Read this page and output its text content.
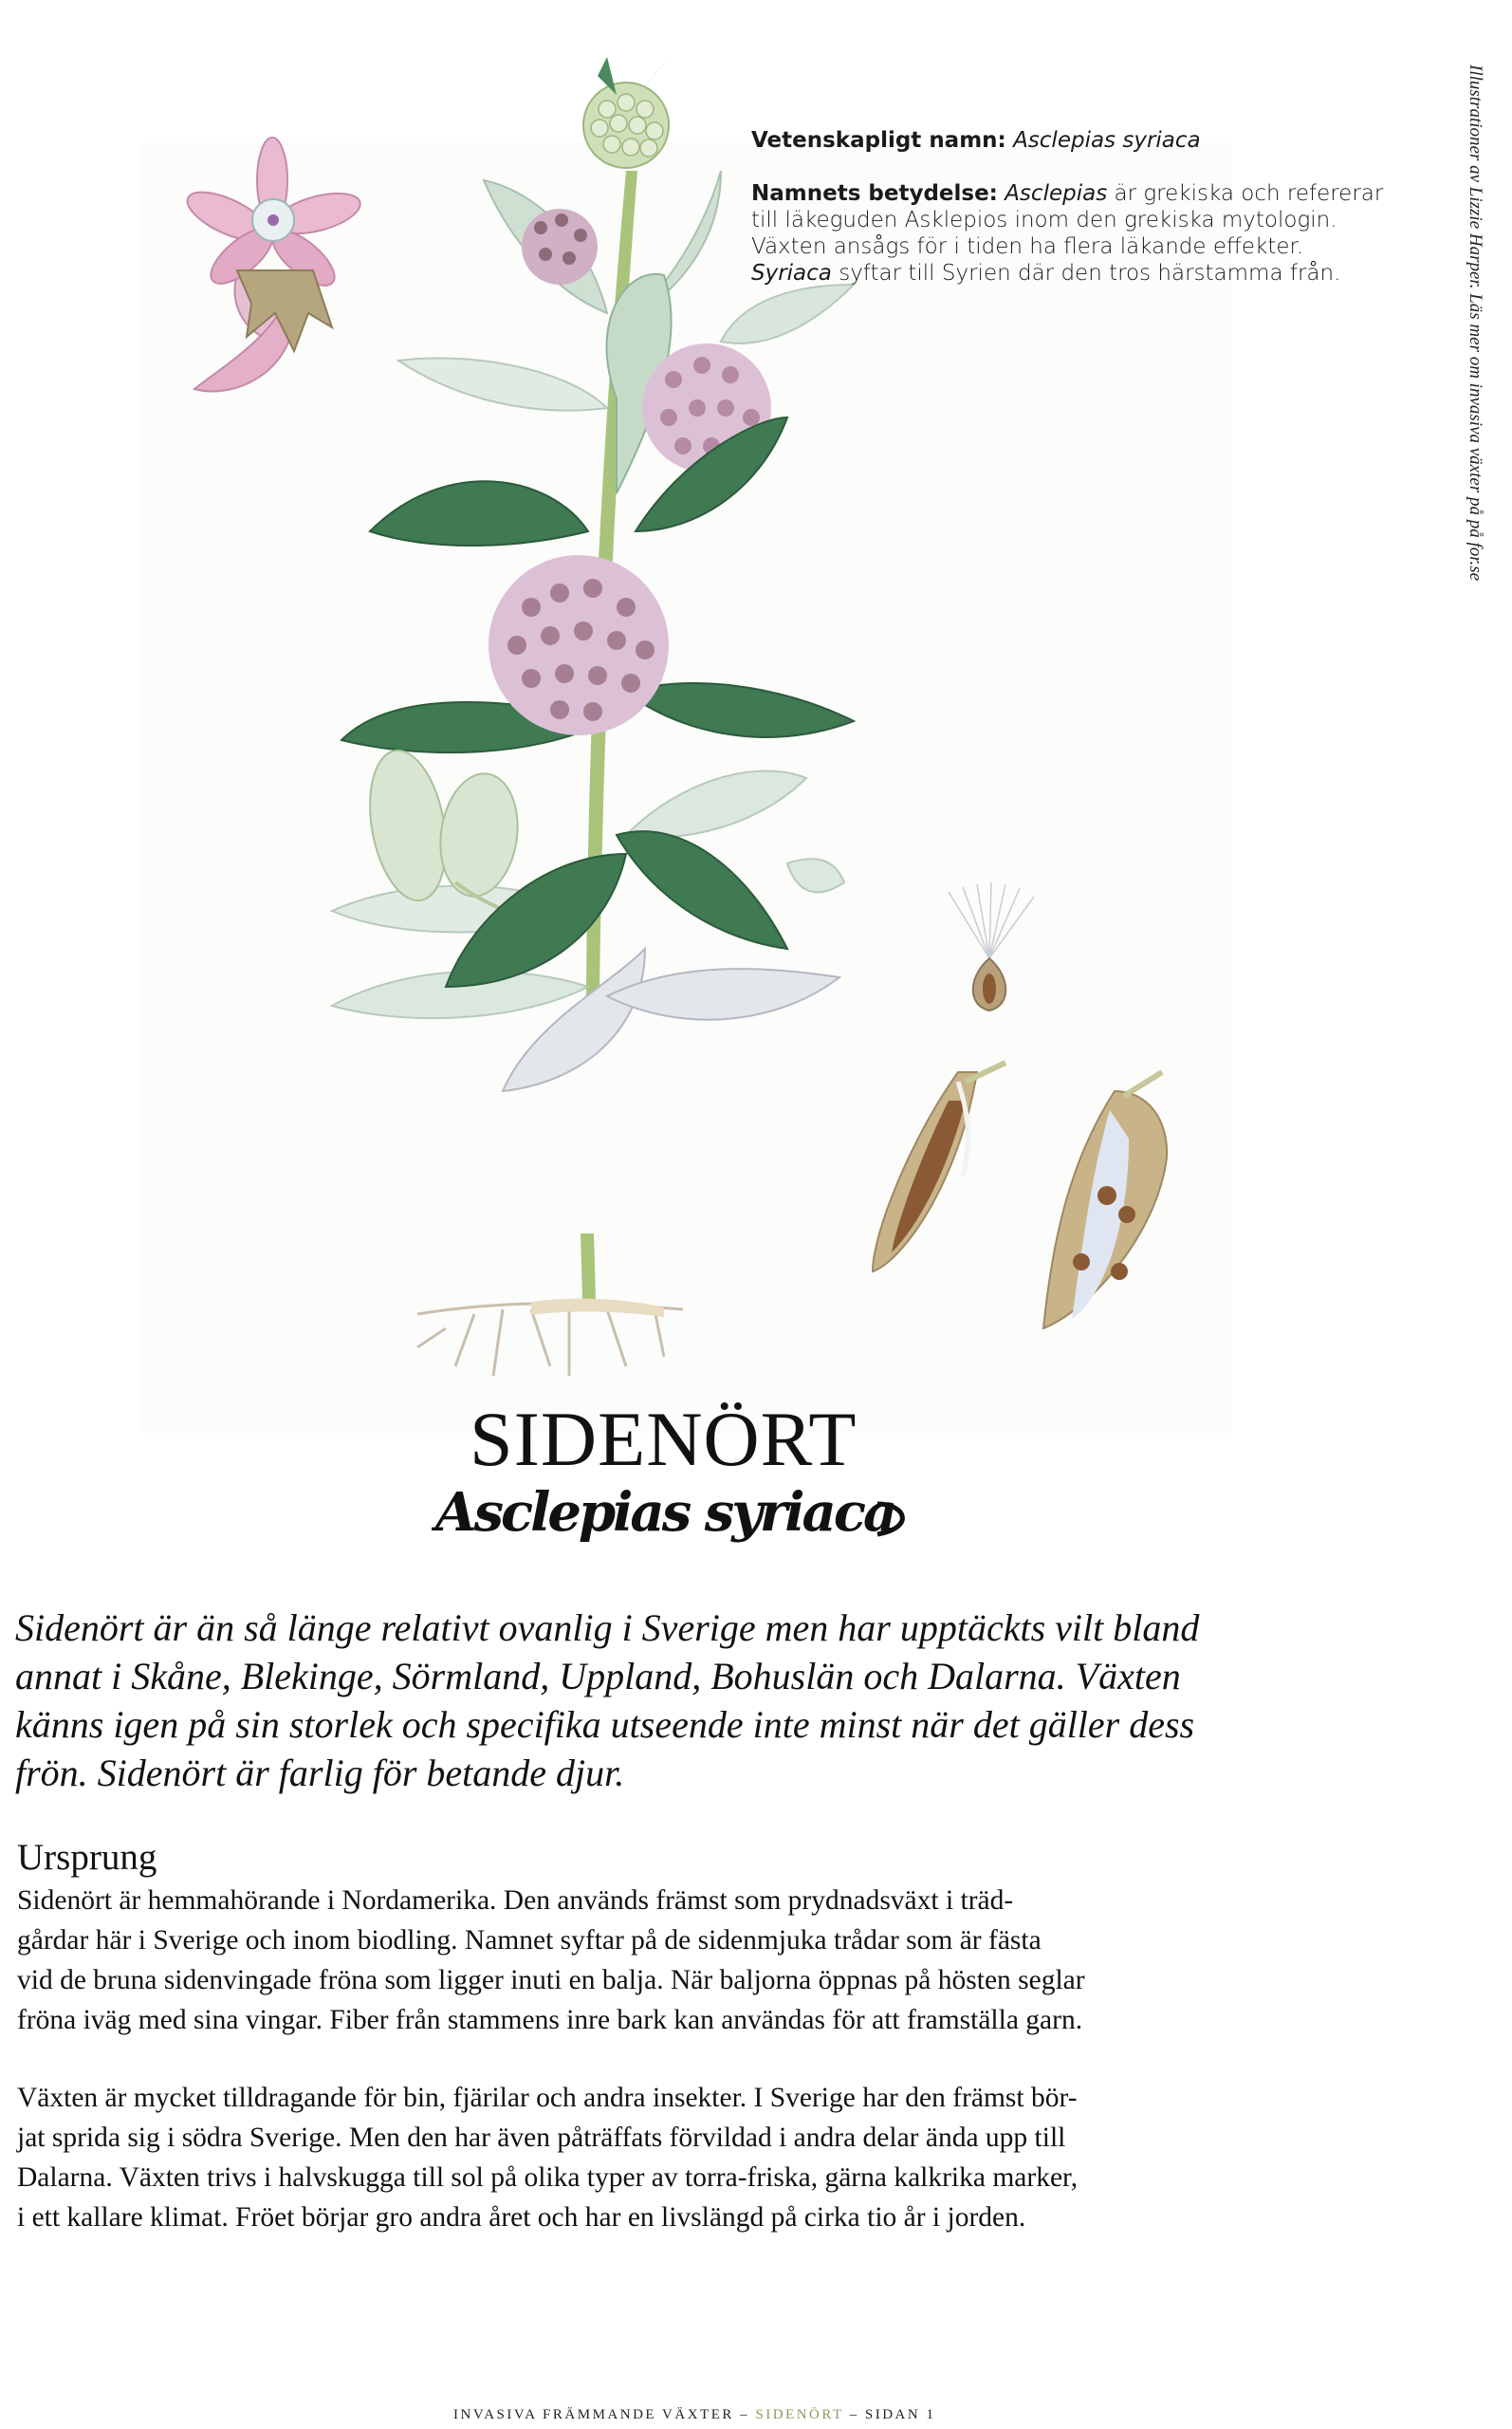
Vetenskapligt namn: Asclepias syriaca

Namnets betydelse: Asclepias är grekiska och refererar
till läkeguden Asklepios inom den grekiska mytologin.
Växten ansågs för i tiden ha flera läkande effekter.
Syriaca syftar till Syrien där den tros härstamma från.	Illustrationer av Lizzie Harper. Läs mer om invasiva växter på på for.se
SIDENÖRT
Asclepias syriaca

Sidenört är än så länge relativt ovanlig i Sverige men har upptäckts vilt bland
annat i Skåne, Blekinge, Sörmland, Uppland, Bohuslän och Dalarna. Växten
känns igen på sin storlek och specifika utseende inte minst när det gäller dess
frön. Sidenört är farlig för betande djur.

Ursprung

Sidenört är hemmahörande i Nordamerika. Den används främst som prydnadsväxt i träd-
gårdar här i Sverige och inom biodling. Namnet syftar på de sidenmjuka trådar som är fästa
vid de bruna sidenvingade fröna som ligger inuti en balja. När baljorna öppnas på hösten seglar
fröna iväg med sina vingar. Fiber från stammens inre bark kan användas för att framställa garn.

Växten är mycket tilldragande för bin, fjärilar och andra insekter. I Sverige har den främst bör-
jat sprida sig i södra Sverige. Men den har även påträffats förvildad i andra delar ända upp till
Dalarna. Växten trivs i halvskugga till sol på olika typer av torra-friska, gärna kalkrika marker,
i ett kallare klimat. Fröet börjar gro andra året och har en livslängd på cirka tio år i jorden.

INVASIVA FRÄMMANDE VÄXTER – SIDENÖRT – SIDAN 1
